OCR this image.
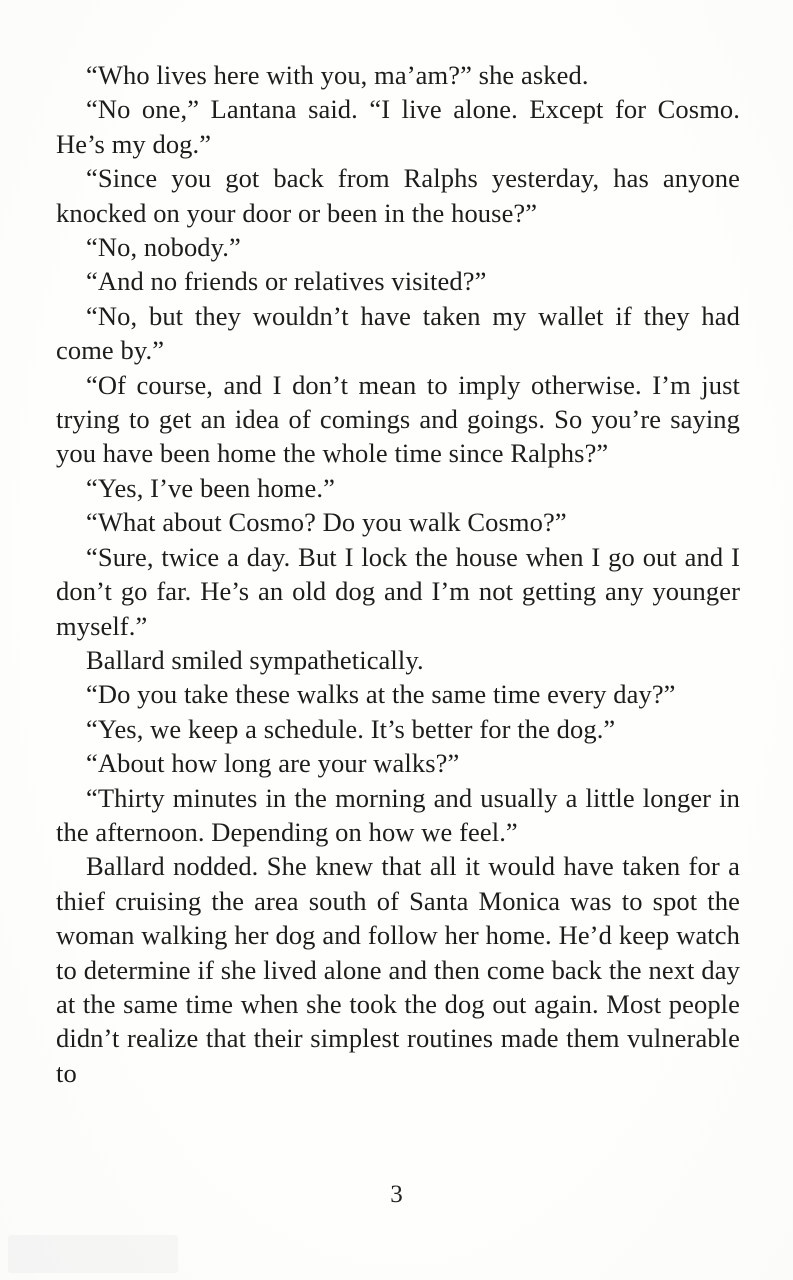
“Who lives here with you, ma’am?” she asked.

“No one,” Lantana said. “I live alone. Except for Cosmo. He’s my dog.”

“Since you got back from Ralphs yesterday, has anyone knocked on your door or been in the house?”

“No, nobody.”

“And no friends or relatives visited?”

“No, but they wouldn’t have taken my wallet if they had come by.”

“Of course, and I don’t mean to imply otherwise. I’m just trying to get an idea of comings and goings. So you’re saying you have been home the whole time since Ralphs?”

“Yes, I’ve been home.”

“What about Cosmo? Do you walk Cosmo?”

“Sure, twice a day. But I lock the house when I go out and I don’t go far. He’s an old dog and I’m not getting any younger myself.”

Ballard smiled sympathetically.

“Do you take these walks at the same time every day?”

“Yes, we keep a schedule. It’s better for the dog.”

“About how long are your walks?”

“Thirty minutes in the morning and usually a little longer in the afternoon. Depending on how we feel.”

Ballard nodded. She knew that all it would have taken for a thief cruising the area south of Santa Monica was to spot the woman walking her dog and follow her home. He’d keep watch to determine if she lived alone and then come back the next day at the same time when she took the dog out again. Most people didn’t realize that their simplest routines made them vulnerable to

3
